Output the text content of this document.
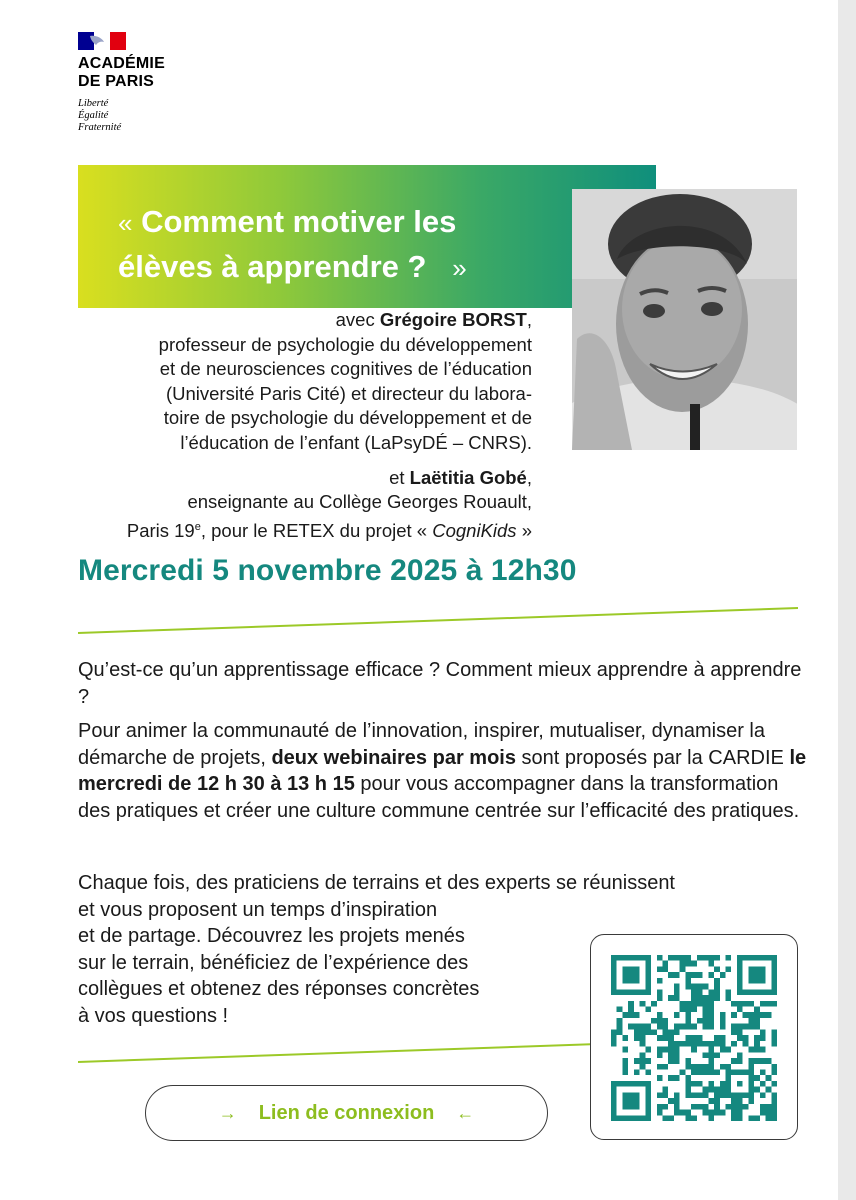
ACADÉMIE
DE PARIS
Liberté
Égalité
Fraternité
« Comment motiver les
élèves à apprendre ? »

avec Grégoire BORST,

professeur de psychologie du développement

et de neurosciences cognitives de l’éducation

(Université Paris Cité) et directeur du labora-

toire de psychologie du développement et de

l’éducation de l’enfant (LaPsyDÉ – CNRS).

et Laëtitia Gobé,

enseignante au Collège Georges Rouault,

Paris 19e, pour le RETEX du projet « CogniKids »

Mercredi 5 novembre 2025 à 12h30

Qu’est-ce qu’un apprentissage efficace ? Comment mieux apprendre à apprendre ?

Pour animer la communauté de l’innovation, inspirer, mutualiser, dynamiser la démarche de projets, deux webinaires par mois sont proposés par la CARDIE le mercredi de 12 h 30 à 13 h 15 pour vous accompagner dans la transformation des pratiques et créer une culture commune centrée sur l’efficacité des pratiques.

Chaque fois, des praticiens de terrains et des experts se réunissent
et vous proposent un temps d’inspiration
et de partage. Découvrez les projets menés
sur le terrain, bénéficiez de l’expérience des
collègues et obtenez des réponses concrètes
à vos questions !
→ Lien de connexion ←
